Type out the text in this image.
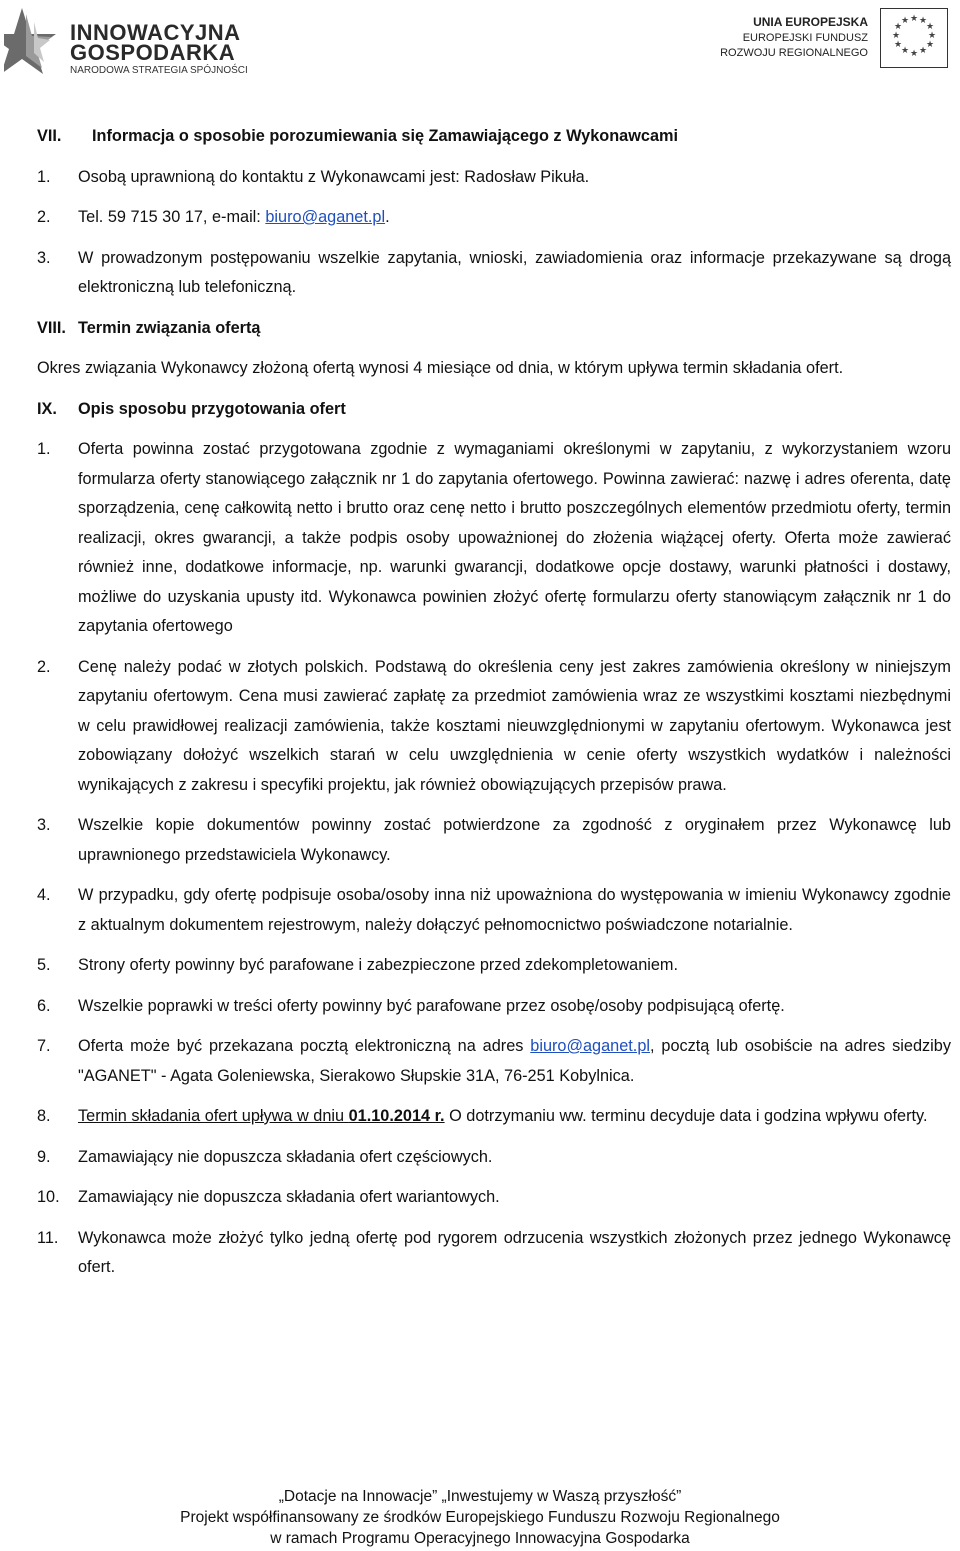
INNOWACYJNA
GOSPODARKA
NARODOWA STRATEGIA SPÓJNOŚCI
UNIA EUROPEJSKA
EUROPEJSKI FUNDUSZ
ROZWOJU REGIONALNEGO
★ ★
★
★
★
★
★
★
★
★
★
★
VII.	Informacja o sposobie porozumiewania się Zamawiającego z Wykonawcami
1.	Osobą uprawnioną do kontaktu z Wykonawcami jest: Radosław Pikuła.
2.	Tel. 59 715 30 17, e-mail: biuro@aganet.pl.
3.	W prowadzonym postępowaniu wszelkie zapytania, wnioski, zawiadomienia oraz informacje przekazywane są drogą elektroniczną lub telefoniczną.
VIII. Termin związania ofertą
Okres związania Wykonawcy złożoną ofertą wynosi 4 miesiące od dnia, w którym upływa termin składania ofert.
IX.	Opis sposobu przygotowania ofert
1.	Oferta powinna zostać przygotowana zgodnie z wymaganiami określonymi w zapytaniu, z wykorzystaniem wzoru formularza oferty stanowiącego załącznik nr 1 do zapytania ofertowego. Powinna zawierać: nazwę i adres oferenta, datę sporządzenia, cenę całkowitą netto i brutto oraz cenę netto i brutto poszczególnych elementów przedmiotu oferty, termin realizacji, okres gwarancji, a także podpis osoby upoważnionej do złożenia wiążącej oferty. Oferta może zawierać również inne, dodatkowe informacje, np. warunki gwarancji, dodatkowe opcje dostawy, warunki płatności i dostawy, możliwe do uzyskania upusty itd. Wykonawca powinien złożyć ofertę formularzu oferty stanowiącym załącznik nr 1 do zapytania ofertowego
2.	Cenę należy podać w złotych polskich. Podstawą do określenia ceny jest zakres zamówienia określony w niniejszym zapytaniu ofertowym. Cena musi zawierać zapłatę za przedmiot zamówienia wraz ze wszystkimi kosztami niezbędnymi w celu prawidłowej realizacji zamówienia, także kosztami nieuwzględnionymi w zapytaniu ofertowym. Wykonawca jest zobowiązany dołożyć wszelkich starań w celu uwzględnienia w cenie oferty wszystkich wydatków i należności wynikających z zakresu i specyfiki projektu, jak również obowiązujących przepisów prawa.
3.	Wszelkie kopie dokumentów powinny zostać potwierdzone za zgodność z oryginałem przez Wykonawcę lub uprawnionego przedstawiciela Wykonawcy.
4.	W przypadku, gdy ofertę podpisuje osoba/osoby inna niż upoważniona do występowania w imieniu Wykonawcy zgodnie z aktualnym dokumentem rejestrowym, należy dołączyć pełnomocnictwo poświadczone notarialnie.
5.	Strony oferty powinny być parafowane i zabezpieczone przed zdekompletowaniem.
6.	Wszelkie poprawki w treści oferty powinny być parafowane przez osobę/osoby podpisującą ofertę.
7.	Oferta może być przekazana pocztą elektroniczną na adres biuro@aganet.pl, pocztą lub osobiście na adres siedziby "AGANET" - Agata Goleniewska, Sierakowo Słupskie 31A, 76-251 Kobylnica.
8.	Termin składania ofert upływa w dniu 01.10.2014 r. O dotrzymaniu ww. terminu decyduje data i godzina wpływu oferty.
9.	Zamawiający nie dopuszcza składania ofert częściowych.
10.	Zamawiający nie dopuszcza składania ofert wariantowych.
11.	Wykonawca może złożyć tylko jedną ofertę pod rygorem odrzucenia wszystkich złożonych przez jednego Wykonawcę ofert.
„Dotacje na Innowacje” „Inwestujemy w Waszą przyszłość”
Projekt współfinansowany ze środków Europejskiego Funduszu Rozwoju Regionalnego
w ramach Programu Operacyjnego Innowacyjna Gospodarka
